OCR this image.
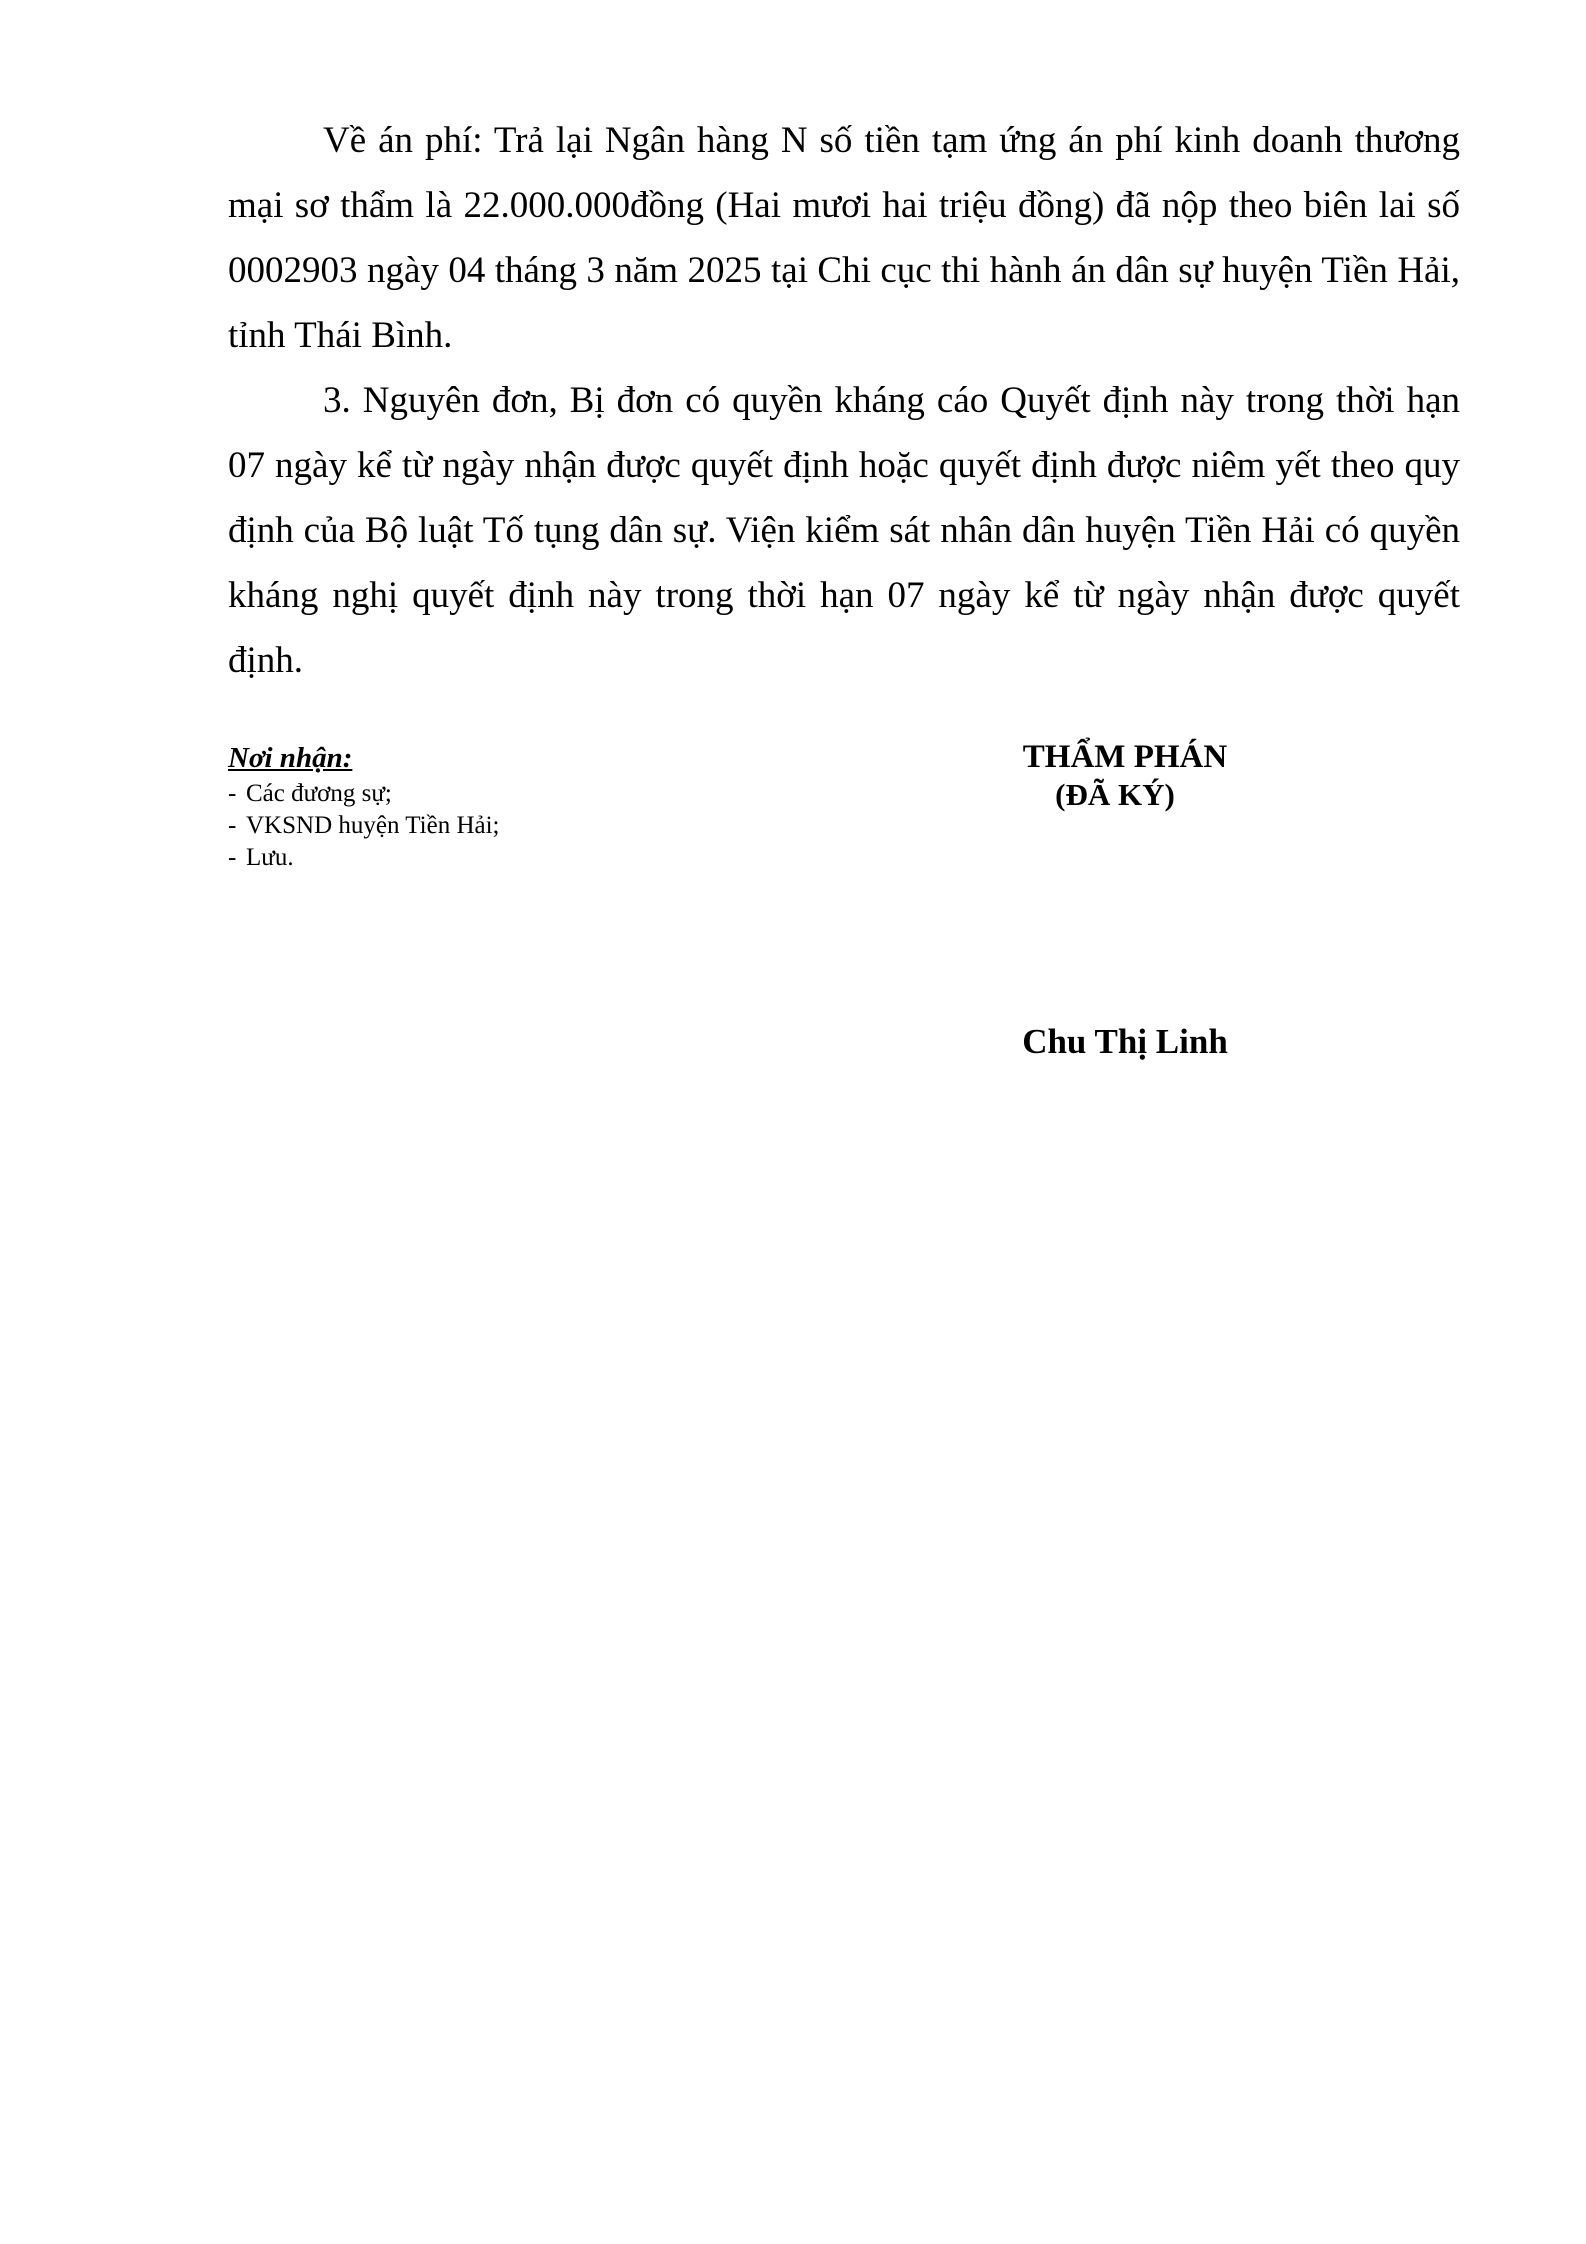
Về án phí: Trả lại Ngân hàng N số tiền tạm ứng án phí kinh doanh thương mại sơ thẩm là 22.000.000đồng (Hai mươi hai triệu đồng) đã nộp theo biên lai số 0002903 ngày 04 tháng 3 năm 2025 tại Chi cục thi hành án dân sự huyện Tiền Hải, tỉnh Thái Bình.

3. Nguyên đơn, Bị đơn có quyền kháng cáo Quyết định này trong thời hạn 07 ngày kể từ ngày nhận được quyết định hoặc quyết định được niêm yết theo quy định của Bộ luật Tố tụng dân sự. Viện kiểm sát nhân dân huyện Tiền Hải có quyền kháng nghị quyết định này trong thời hạn 07 ngày kể từ ngày nhận được quyết định.

Nơi nhận:
- Các đương sự;
- VKSND huyện Tiền Hải;
- Lưu.
THẨM PHÁN
(ĐÃ KÝ)
Chu Thị Linh
